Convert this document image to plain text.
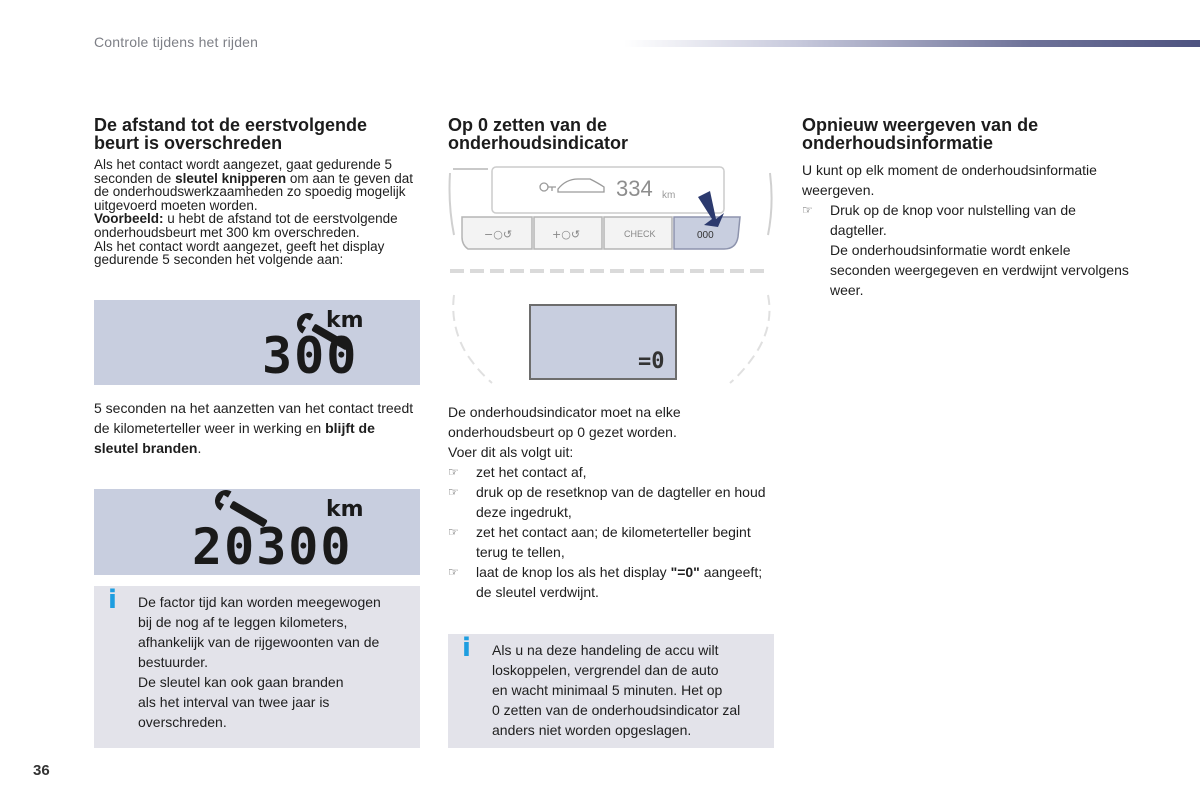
Controle tijdens het rijden
De afstand tot de eerstvolgende
beurt is overschreden
Als het contact wordt aangezet, gaat gedurende 5 seconden de sleutel knipperen om aan te geven dat de onderhoudswerkzaamheden zo spoedig mogelijk uitgevoerd moeten worden.
Voorbeeld: u hebt de afstand tot de eerstvolgende onderhoudsbeurt met 300 km overschreden.
Als het contact wordt aangezet, geeft het display gedurende 5 seconden het volgende aan:
km
300

5 seconden na het aanzetten van het contact treedt de kilometerteller weer in werking en blijft de sleutel branden.

km
20300
i De factor tijd kan worden meegewogen
bij de nog af te leggen kilometers,
afhankelijk van de rijgewoonten van de
bestuurder.
De sleutel kan ook gaan branden
als het interval van twee jaar is
overschreden.
Op 0 zetten van de
onderhoudsindicator
334 km
−○↺	+○↺	CHECK	000
=0

De onderhoudsindicator moet na elke

onderhoudsbeurt op 0 gezet worden.

Voer dit als volgt uit:

☞ zet het contact af,
☞ druk op de resetknop van de dagteller en houd deze ingedrukt,
☞ zet het contact aan; de kilometerteller begint terug te tellen,
☞ laat de knop los als het display "=0" aangeeft; de sleutel verdwijnt.
i Als u na deze handeling de accu wilt
loskoppelen, vergrendel dan de auto
en wacht minimaal 5 minuten. Het op
0 zetten van de onderhoudsindicator zal
anders niet worden opgeslagen.
Opnieuw weergeven van de
onderhoudsinformatie

U kunt op elk moment de onderhoudsinformatie weergeven.

☞ Druk op de knop voor nulstelling van de dagteller.

De onderhoudsinformatie wordt enkele seconden weergegeven en verdwijnt vervolgens weer.

36
